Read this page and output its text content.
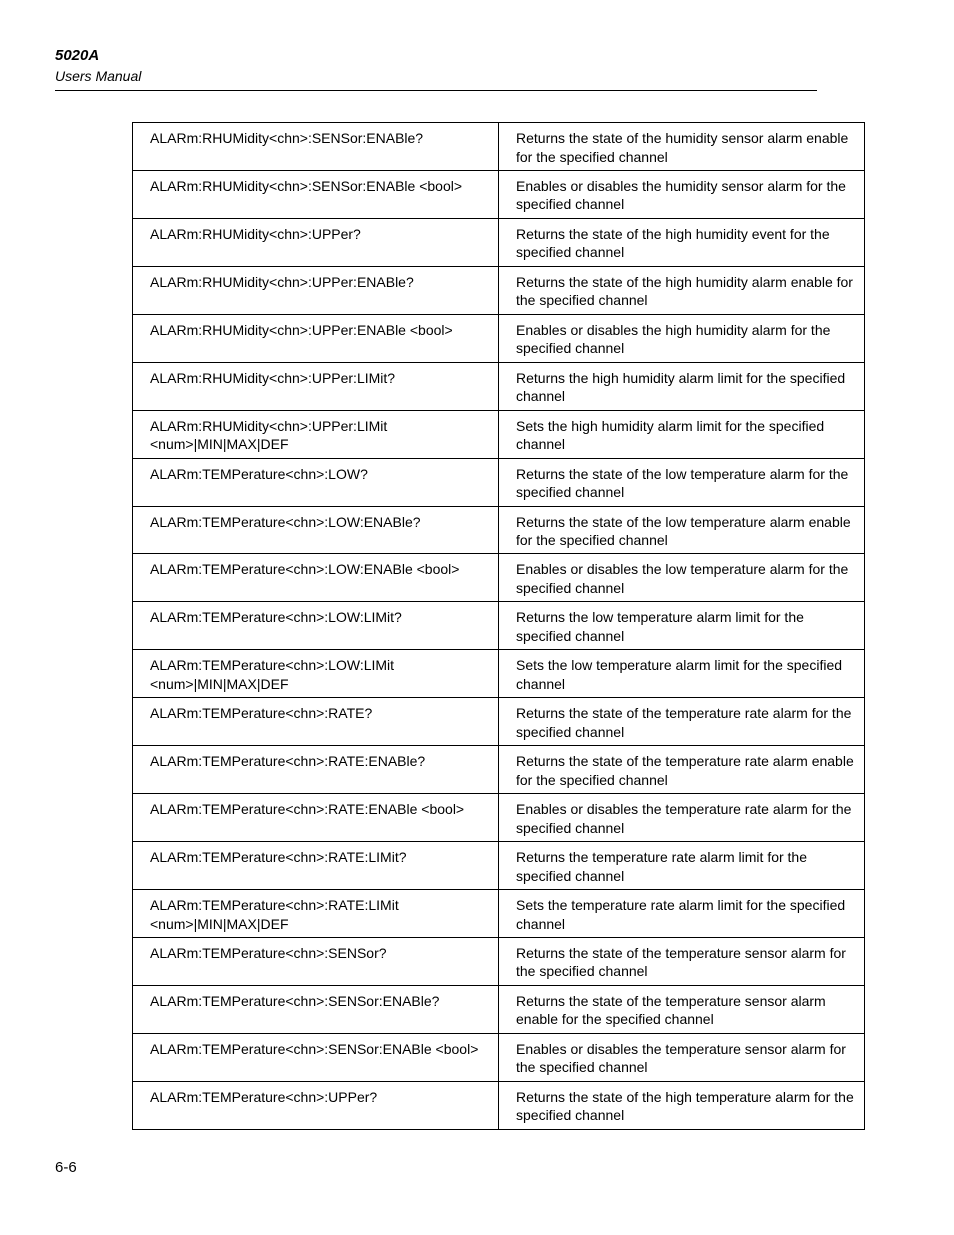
5020A
Users Manual
ALARm:RHUMidity<chn>:SENSor:ENABle?	Returns the state of the humidity sensor alarm enable for the specified channel
ALARm:RHUMidity<chn>:SENSor:ENABle <bool>	Enables or disables the humidity sensor alarm for the specified channel
ALARm:RHUMidity<chn>:UPPer?	Returns the state of the high humidity event for the specified channel
ALARm:RHUMidity<chn>:UPPer:ENABle?	Returns the state of the high humidity alarm enable for the specified channel
ALARm:RHUMidity<chn>:UPPer:ENABle <bool>	Enables or disables the high humidity alarm for the specified channel
ALARm:RHUMidity<chn>:UPPer:LIMit?	Returns the high humidity alarm limit for the specified channel
ALARm:RHUMidity<chn>:UPPer:LIMit <num>|MIN|MAX|DEF	Sets the high humidity alarm limit for the specified channel
ALARm:TEMPerature<chn>:LOW?	Returns the state of the low temperature alarm for the specified channel
ALARm:TEMPerature<chn>:LOW:ENABle?	Returns the state of the low temperature alarm enable for the specified channel
ALARm:TEMPerature<chn>:LOW:ENABle <bool>	Enables or disables the low temperature alarm for the specified channel
ALARm:TEMPerature<chn>:LOW:LIMit?	Returns the low temperature alarm limit for the specified channel
ALARm:TEMPerature<chn>:LOW:LIMit <num>|MIN|MAX|DEF	Sets the low temperature alarm limit for the specified channel
ALARm:TEMPerature<chn>:RATE?	Returns the state of the temperature rate alarm for the specified channel
ALARm:TEMPerature<chn>:RATE:ENABle?	Returns the state of the temperature rate alarm enable for the specified channel
ALARm:TEMPerature<chn>:RATE:ENABle <bool>	Enables or disables the temperature rate alarm for the specified channel
ALARm:TEMPerature<chn>:RATE:LIMit?	Returns the temperature rate alarm limit for the specified channel
ALARm:TEMPerature<chn>:RATE:LIMit <num>|MIN|MAX|DEF	Sets the temperature rate alarm limit for the specified channel
ALARm:TEMPerature<chn>:SENSor?	Returns the state of the temperature sensor alarm for the specified channel
ALARm:TEMPerature<chn>:SENSor:ENABle?	Returns the state of the temperature sensor alarm enable for the specified channel
ALARm:TEMPerature<chn>:SENSor:ENABle <bool>	Enables or disables the temperature sensor alarm for the specified channel
ALARm:TEMPerature<chn>:UPPer?	Returns the state of the high temperature alarm for the specified channel
6-6
